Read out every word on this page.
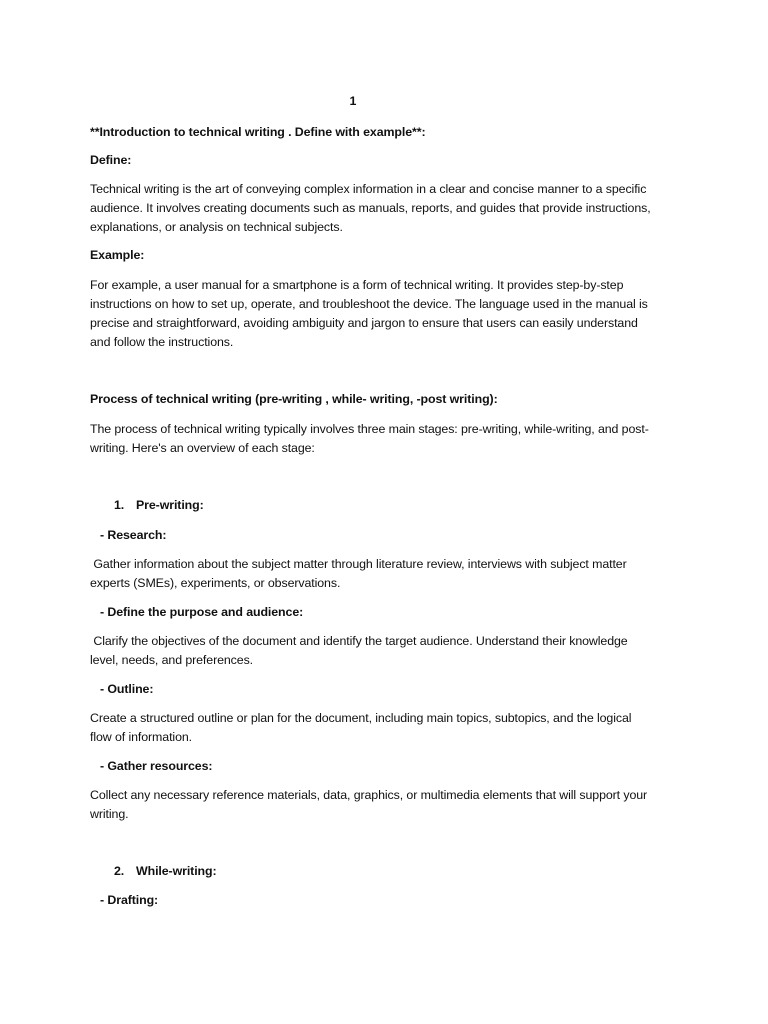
1
**Introduction to technical writing . Define with example**:
Define:
Technical writing is the art of conveying complex information in a clear and concise manner to a specific
audience. It involves creating documents such as manuals, reports, and guides that provide instructions,
explanations, or analysis on technical subjects.
Example:
For example, a user manual for a smartphone is a form of technical writing. It provides step-by-step
instructions on how to set up, operate, and troubleshoot the device. The language used in the manual is
precise and straightforward, avoiding ambiguity and jargon to ensure that users can easily understand
and follow the instructions.
Process of technical writing (pre-writing , while- writing, -post writing):
The process of technical writing typically involves three main stages: pre-writing, while-writing, and post-
writing. Here's an overview of each stage:
1. Pre-writing:
- Research:
Gather information about the subject matter through literature review, interviews with subject matter
experts (SMEs), experiments, or observations.
- Define the purpose and audience:
Clarify the objectives of the document and identify the target audience. Understand their knowledge
level, needs, and preferences.
- Outline:
Create a structured outline or plan for the document, including main topics, subtopics, and the logical
flow of information.
- Gather resources:
Collect any necessary reference materials, data, graphics, or multimedia elements that will support your
writing.
2. While-writing:
- Drafting:
